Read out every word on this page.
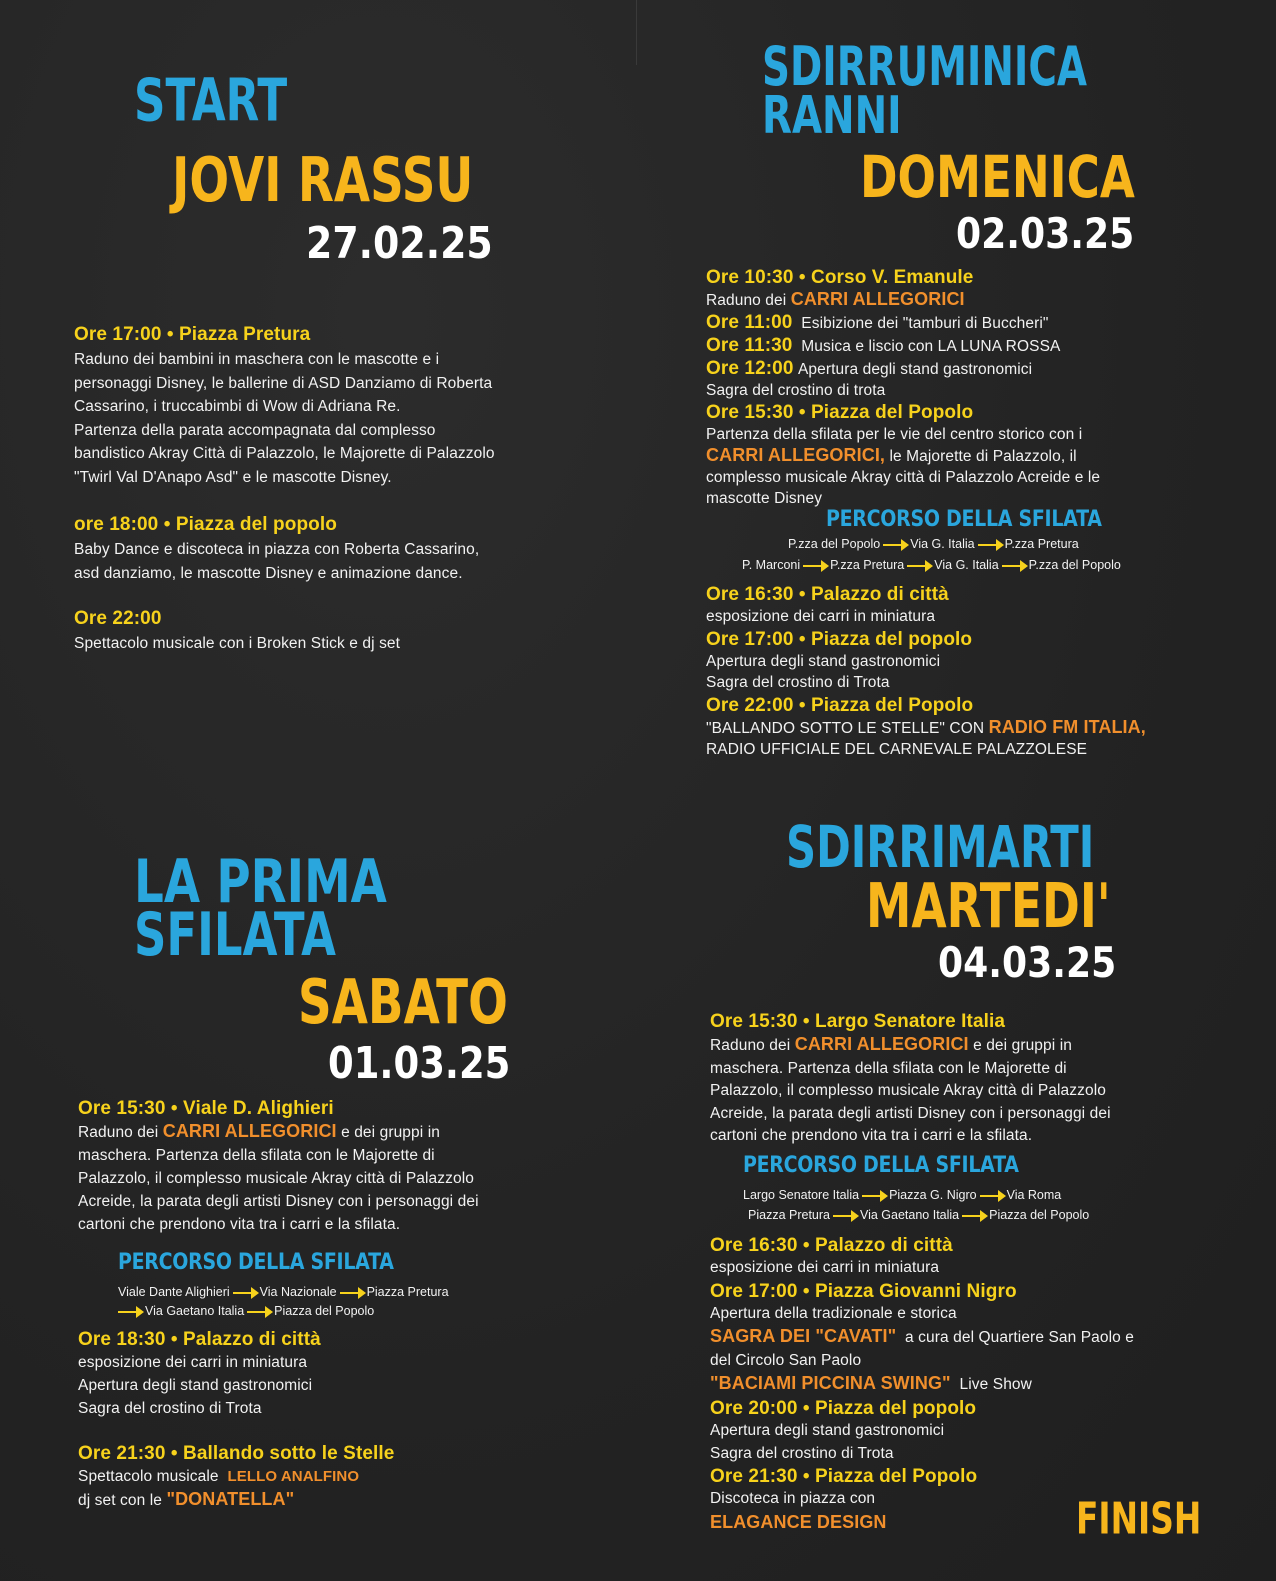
START
JOVI RASSU
27.02.25

Ore 17:00 • Piazza Pretura

Raduno dei bambini in maschera con le mascotte e i

personaggi Disney, le ballerine di ASD Danziamo di Roberta

Cassarino, i truccabimbi di Wow di Adriana Re.

Partenza della parata accompagnata dal complesso

bandistico Akray Città di Palazzolo, le Majorette di Palazzolo

"Twirl Val D'Anapo Asd" e le mascotte Disney.

ore 18:00 • Piazza del popolo

Baby Dance e discoteca in piazza con Roberta Cassarino,

asd danziamo, le mascotte Disney e animazione dance.

Ore 22:00

Spettacolo musicale con i Broken Stick e dj set

SDIRRUMINICA
RANNI
DOMENICA
02.03.25

Ore 10:30 • Corso V. Emanule

Raduno dei CARRI ALLEGORICI

Ore 11:00 Esibizione dei "tamburi di Buccheri"

Ore 11:30 Musica e liscio con LA LUNA ROSSA

Ore 12:00 Apertura degli stand gastronomici

Sagra del crostino di trota

Ore 15:30 • Piazza del Popolo

Partenza della sfilata per le vie del centro storico con i

CARRI ALLEGORICI, le Majorette di Palazzolo, il

complesso musicale Akray città di Palazzolo Acreide e le

mascotte Disney

PERCORSO DELLA SFILATA
P.zza del Popolo Via G. Italia P.zza Pretura
P. Marconi P.zza Pretura Via G. Italia P.zza del Popolo

Ore 16:30 • Palazzo di città

esposizione dei carri in miniatura

Ore 17:00 • Piazza del popolo

Apertura degli stand gastronomici

Sagra del crostino di Trota

Ore 22:00 • Piazza del Popolo

"BALLANDO SOTTO LE STELLE" CON RADIO FM ITALIA,

RADIO UFFICIALE DEL CARNEVALE PALAZZOLESE

LA PRIMA
SFILATA
SABATO
01.03.25

Ore 15:30 • Viale D. Alighieri

Raduno dei CARRI ALLEGORICI e dei gruppi in

maschera. Partenza della sfilata con le Majorette di

Palazzolo, il complesso musicale Akray città di Palazzolo

Acreide, la parata degli artisti Disney con i personaggi dei

cartoni che prendono vita tra i carri e la sfilata.

PERCORSO DELLA SFILATA
Viale Dante Alighieri Via Nazionale Piazza Pretura
Via Gaetano Italia Piazza del Popolo

Ore 18:30 • Palazzo di città

esposizione dei carri in miniatura

Apertura degli stand gastronomici

Sagra del crostino di Trota

Ore 21:30 • Ballando sotto le Stelle

Spettacolo musicale LELLO ANALFINO

dj set con le "DONATELLA"

SDIRRIMARTI
MARTEDI'
04.03.25

Ore 15:30 • Largo Senatore Italia

Raduno dei CARRI ALLEGORICI e dei gruppi in

maschera. Partenza della sfilata con le Majorette di

Palazzolo, il complesso musicale Akray città di Palazzolo

Acreide, la parata degli artisti Disney con i personaggi dei

cartoni che prendono vita tra i carri e la sfilata.

PERCORSO DELLA SFILATA
Largo Senatore Italia Piazza G. Nigro Via Roma
Piazza Pretura Via Gaetano Italia Piazza del Popolo

Ore 16:30 • Palazzo di città

esposizione dei carri in miniatura

Ore 17:00 • Piazza Giovanni Nigro

Apertura della tradizionale e storica

SAGRA DEI "CAVATI" a cura del Quartiere San Paolo e

del Circolo San Paolo

"BACIAMI PICCINA SWING" Live Show

Ore 20:00 • Piazza del popolo

Apertura degli stand gastronomici

Sagra del crostino di Trota

Ore 21:30 • Piazza del Popolo

Discoteca in piazza con

ELAGANCE DESIGN	FINISH
